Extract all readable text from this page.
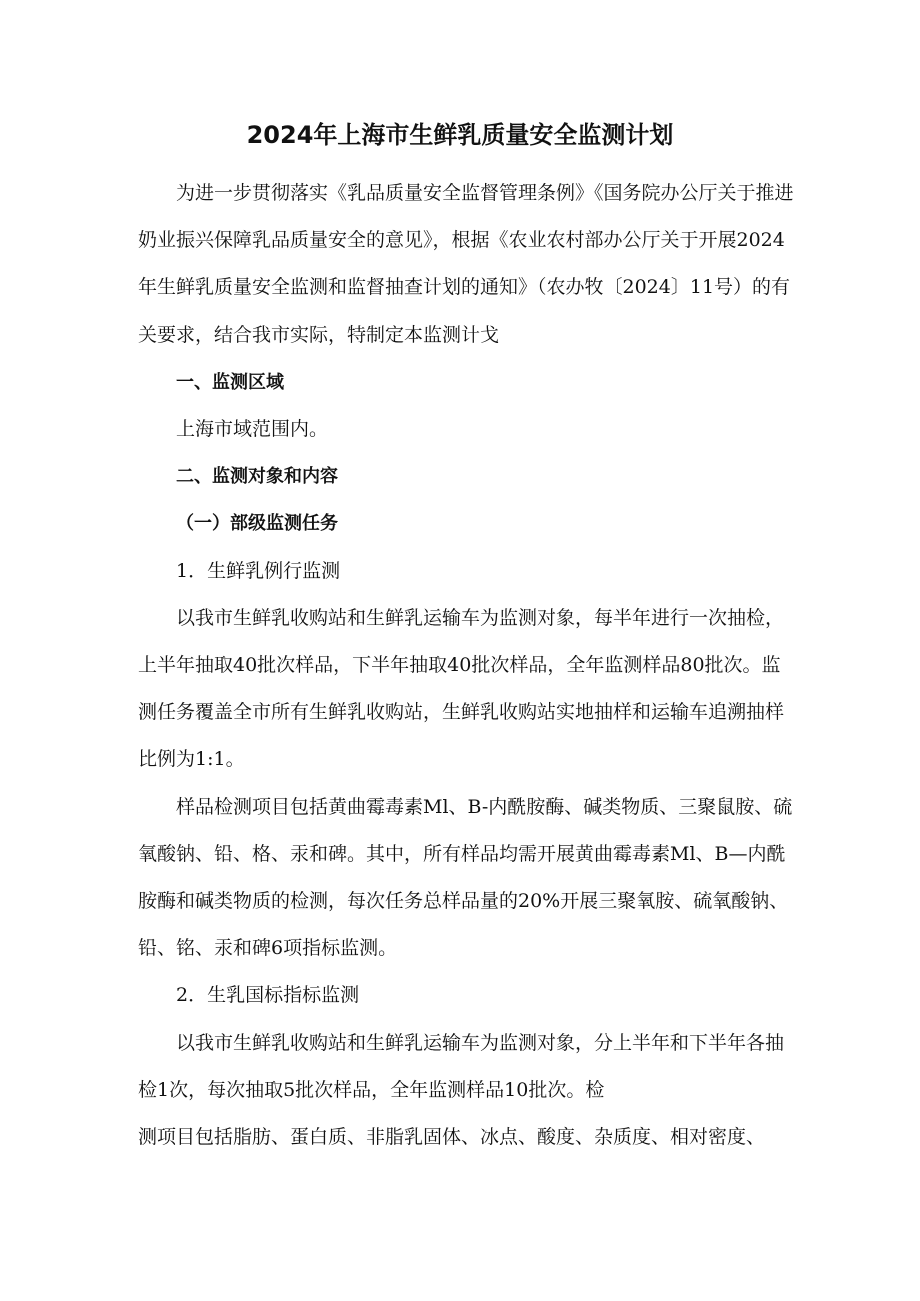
2024年上海市生鲜乳质量安全监测计划

为进一步贯彻落实《乳品质量安全监督管理条例》《国务院办公厅关于推进奶业振兴保障乳品质量安全的意见》，根据《农业农村部办公厅关于开展2024年生鲜乳质量安全监测和监督抽查计划的通知》（农办牧〔2024〕11号）的有关要求，结合我市实际，特制定本监测计戈

一、监测区域

上海市域范围内。

二、监测对象和内容

（一）部级监测任务

1．生鲜乳例行监测

以我市生鲜乳收购站和生鲜乳运输车为监测对象，每半年进行一次抽检，上半年抽取40批次样品，下半年抽取40批次样品，全年监测样品80批次。监测任务覆盖全市所有生鲜乳收购站，生鲜乳收购站实地抽样和运输车追溯抽样比例为1:1。

样品检测项目包括黄曲霉毒素Ml、B-内酰胺酶、碱类物质、三聚鼠胺、硫氧酸钠、铅、格、汞和碑。其中，所有样品均需开展黄曲霉毒素Ml、B—内酰胺酶和碱类物质的检测，每次任务总样品量的20%开展三聚氧胺、硫氧酸钠、铅、铭、汞和碑6项指标监测。

2．生乳国标指标监测

以我市生鲜乳收购站和生鲜乳运输车为监测对象，分上半年和下半年各抽检1次，每次抽取5批次样品，全年监测样品10批次。检

测项目包括脂肪、蛋白质、非脂乳固体、冰点、酸度、杂质度、相对密度、
